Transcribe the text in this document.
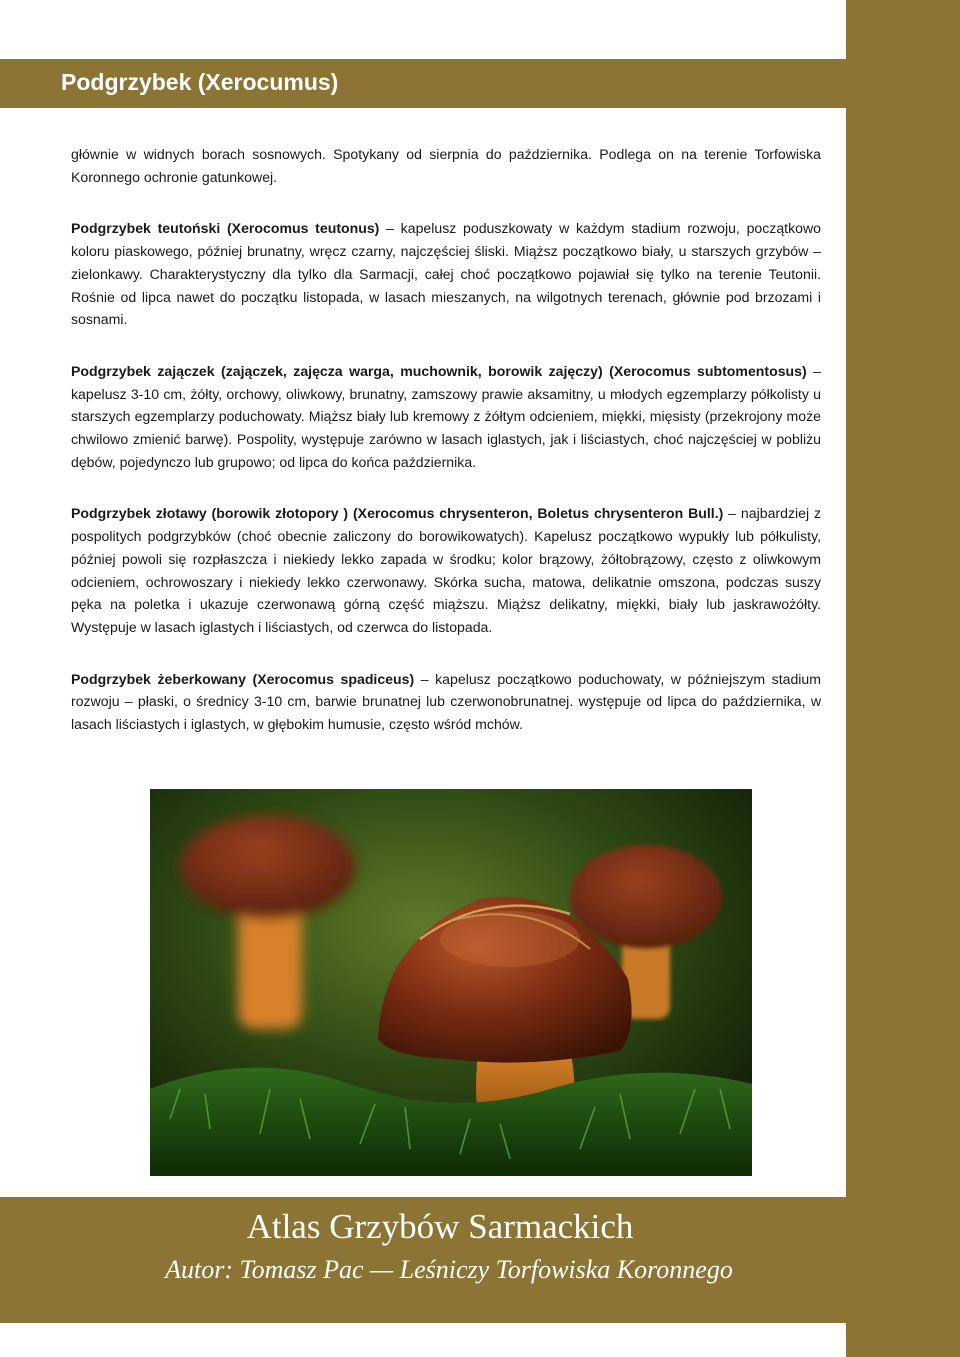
Podgrzybek (Xerocumus)

głównie w widnych borach sosnowych. Spotykany od sierpnia do października. Podlega on na terenie Torfowiska Koronnego ochronie gatunkowej.

Podgrzybek teutoński (Xerocomus teutonus) – kapelusz poduszkowaty w każdym stadium rozwoju, początkowo koloru piaskowego, później brunatny, wręcz czarny, najczęściej śliski. Miąższ początkowo biały, u starszych grzybów – zielonkawy. Charakterystyczny dla tylko dla Sarmacji, całej choć początkowo pojawiał się tylko na terenie Teutonii. Rośnie od lipca nawet do początku listopada, w lasach mieszanych, na wilgotnych terenach, głównie pod brzozami i sosnami.

Podgrzybek zajączek (zajączek, zajęcza warga, muchownik, borowik zajęczy) (Xerocomus subtomentosus) – kapelusz 3-10 cm, żółty, orchowy, oliwkowy, brunatny, zamszowy prawie aksamitny, u młodych egzemplarzy półkolisty u starszych egzemplarzy poduchowaty. Miąższ biały lub kremowy z żółtym odcieniem, miękki, mięsisty (przekrojony może chwilowo zmienić barwę). Pospolity, występuje zarówno w lasach iglastych, jak i liściastych, choć najczęściej w pobliżu dębów, pojedynczo lub grupowo; od lipca do końca października.

Podgrzybek złotawy (borowik złotopory ) (Xerocomus chrysenteron, Boletus chrysenteron Bull.) – najbardziej z pospolitych podgrzybków (choć obecnie zaliczony do borowikowatych). Kapelusz początkowo wypukły lub półkulisty, później powoli się rozpłaszcza i niekiedy lekko zapada w środku; kolor brązowy, żółtobrązowy, często z oliwkowym odcieniem, ochrowoszary i niekiedy lekko czerwonawy. Skórka sucha, matowa, delikatnie omszona, podczas suszy pęka na poletka i ukazuje czerwonawą górną część miąższu. Miąższ delikatny, miękki, biały lub jaskrawożółty. Występuje w lasach iglastych i liściastych, od czerwca do listopada.

Podgrzybek żeberkowany (Xerocomus spadiceus) – kapelusz początkowo poduchowaty, w późniejszym stadium rozwoju – płaski, o średnicy 3-10 cm, barwie brunatnej lub czerwonobrunatnej. występuje od lipca do października, w lasach liściastych i iglastych, w głębokim humusie, często wśród mchów.

Atlas Grzybów Sarmackich
Autor: Tomasz Pac — Leśniczy Torfowiska Koronnego
